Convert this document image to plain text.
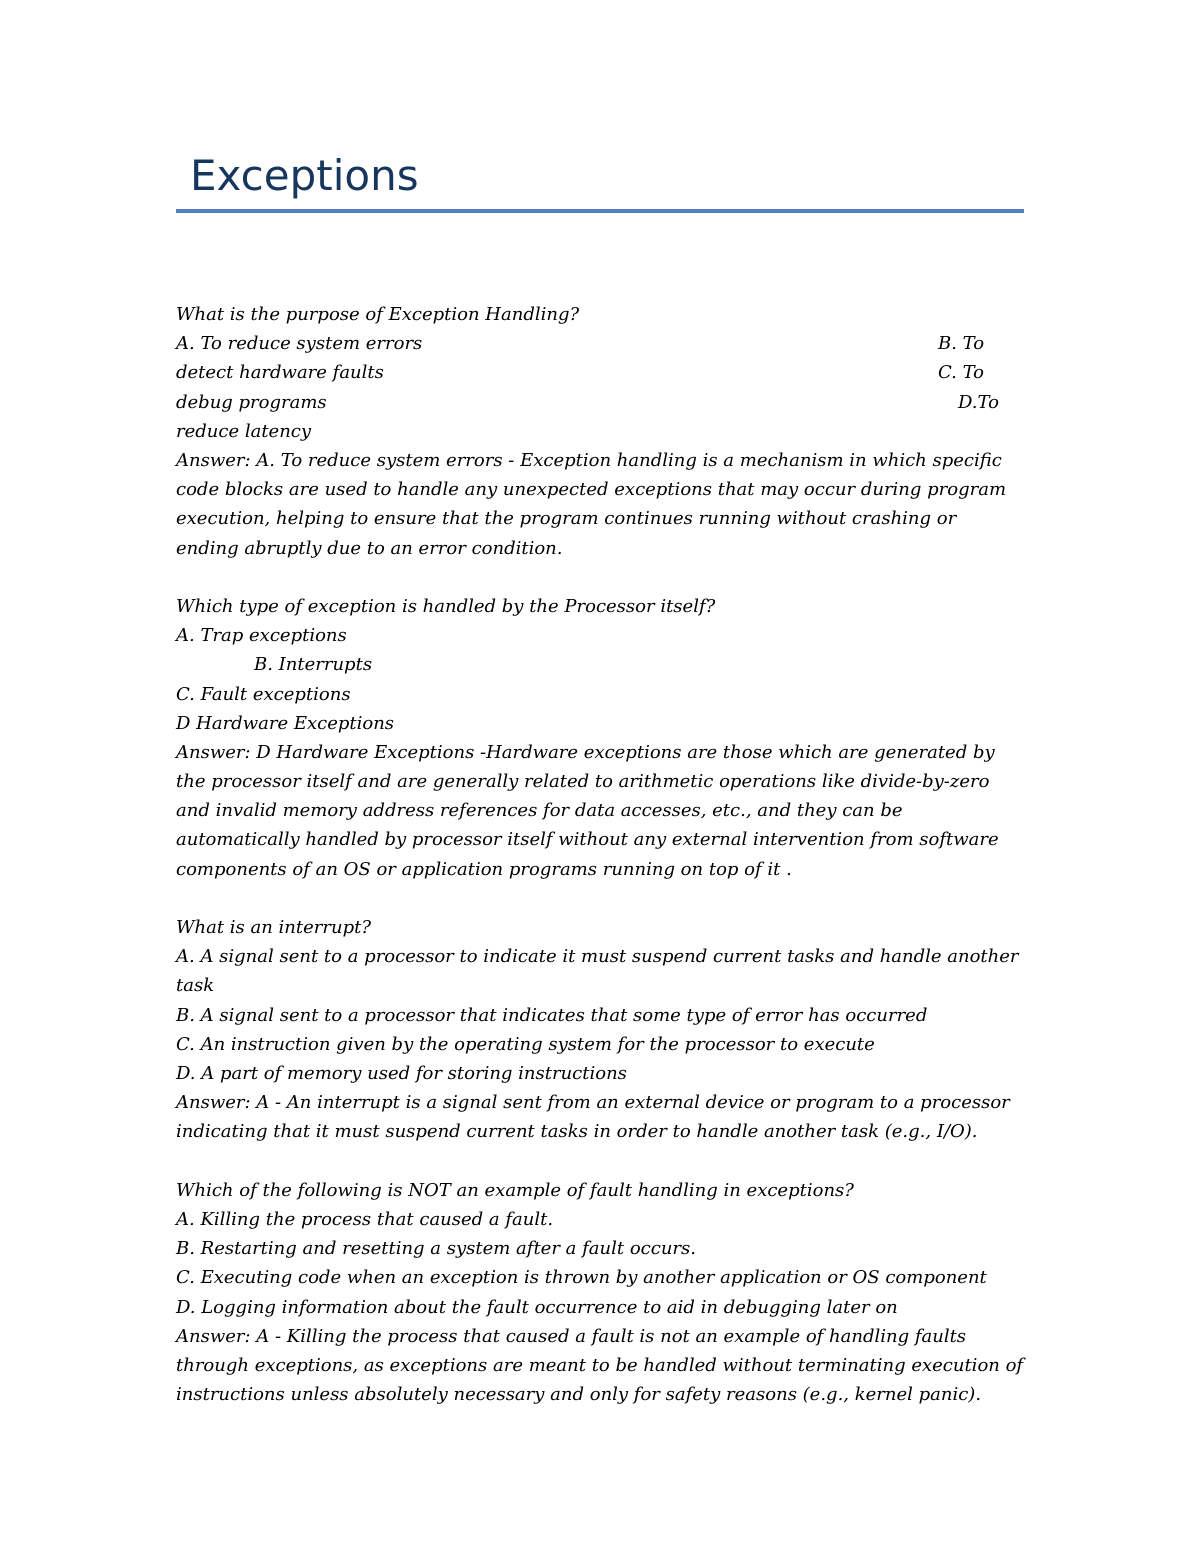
Exceptions
What is the purpose of Exception Handling?
A. To reduce system errors	B. To
detect hardware faults	C. To
debug programs	D.To
reduce latency
Answer: A. To reduce system errors - Exception handling is a mechanism in which specific code blocks are used to handle any unexpected exceptions that may occur during program execution, helping to ensure that the program continues running without crashing or ending abruptly due to an error condition.
Which type of exception is handled by the Processor itself?
A. Trap exceptions
B. Interrupts
C. Fault exceptions
D Hardware Exceptions
Answer: D Hardware Exceptions -Hardware exceptions are those which are generated by the processor itself and are generally related to arithmetic operations like divide-by-zero and invalid memory address references for data accesses, etc., and they can be automatically handled by processor itself without any external intervention from software components of an OS or application programs running on top of it .
What is an interrupt?
A. A signal sent to a processor to indicate it must suspend current tasks and handle another task
B. A signal sent to a processor that indicates that some type of error has occurred
C. An instruction given by the operating system for the processor to execute
D. A part of memory used for storing instructions
Answer: A - An interrupt is a signal sent from an external device or program to a processor indicating that it must suspend current tasks in order to handle another task (e.g., I/O).
Which of the following is NOT an example of fault handling in exceptions?
A. Killing the process that caused a fault.
B. Restarting and resetting a system after a fault occurs.
C. Executing code when an exception is thrown by another application or OS component
D. Logging information about the fault occurrence to aid in debugging later on
Answer: A - Killing the process that caused a fault is not an example of handling faults through exceptions, as exceptions are meant to be handled without terminating execution of instructions unless absolutely necessary and only for safety reasons (e.g., kernel panic).
